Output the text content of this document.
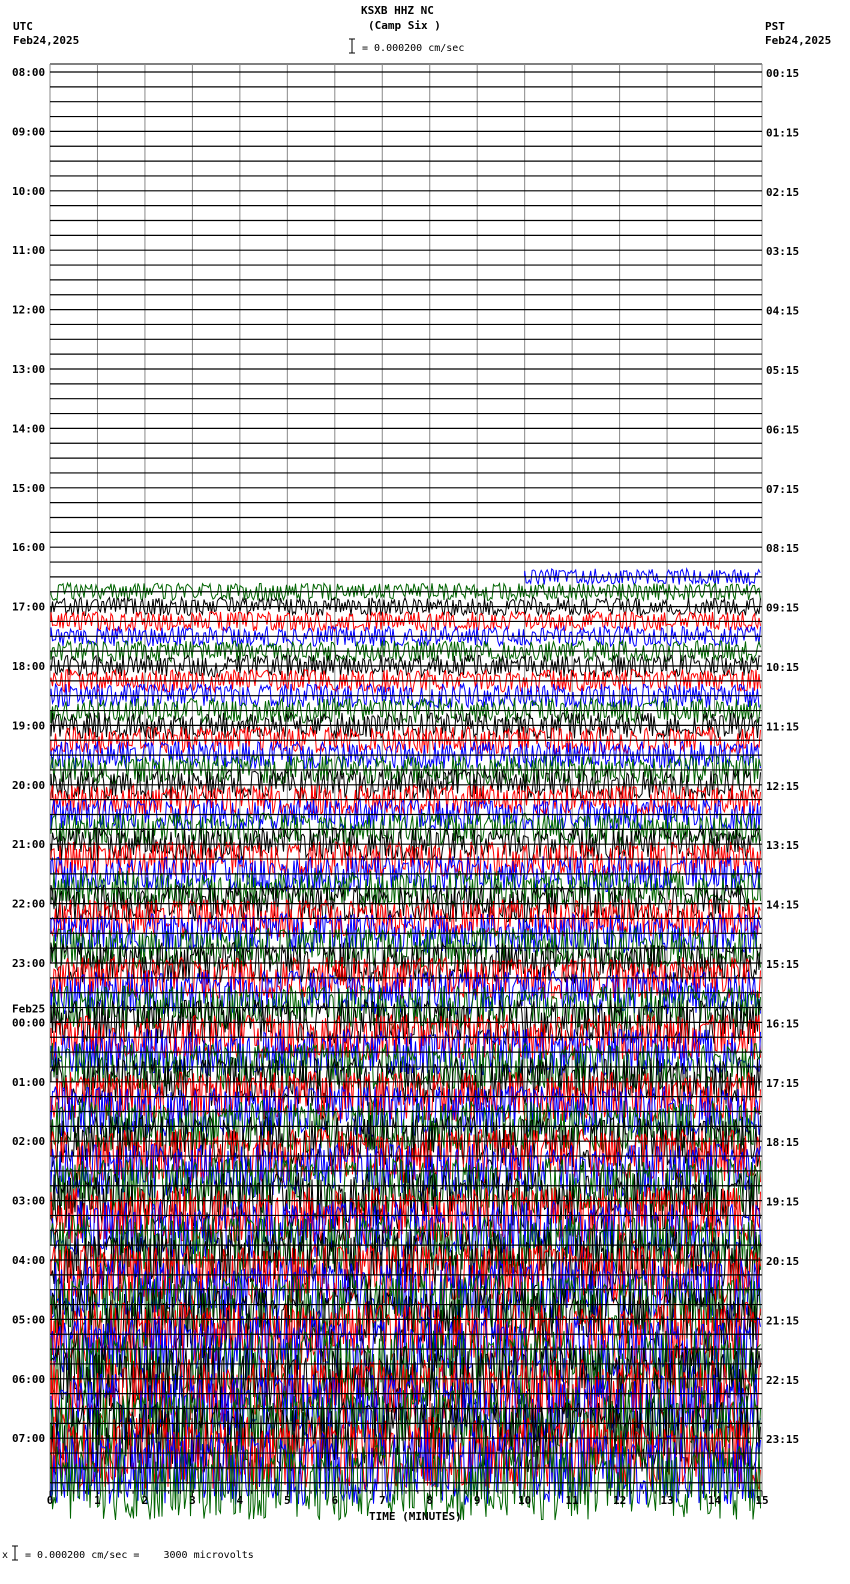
KSXB HHZ NC
(Camp Six )
UTC
Feb24,2025
PST
Feb24,2025
= 0.000200 cm/sec
08:00
09:00
10:00
11:00
12:00
13:00
14:00
15:00
16:00
17:00
18:00
19:00
20:00
21:00
22:00
23:00
00:00
Feb25
01:00
02:00
03:00
04:00
05:00
06:00
07:00
00:15
01:15
02:15
03:15
04:15
05:15
06:15
07:15
08:15
09:15
10:15
11:15
12:15
13:15
14:15
15:15
16:15
17:15
18:15
19:15
20:15
21:15
22:15
23:15
0	1	2	3	4	5	6	7	8	9	10	11	12	13	14	15
TIME (MINUTES)
x = 0.000200 cm/sec =    3000 microvolts
